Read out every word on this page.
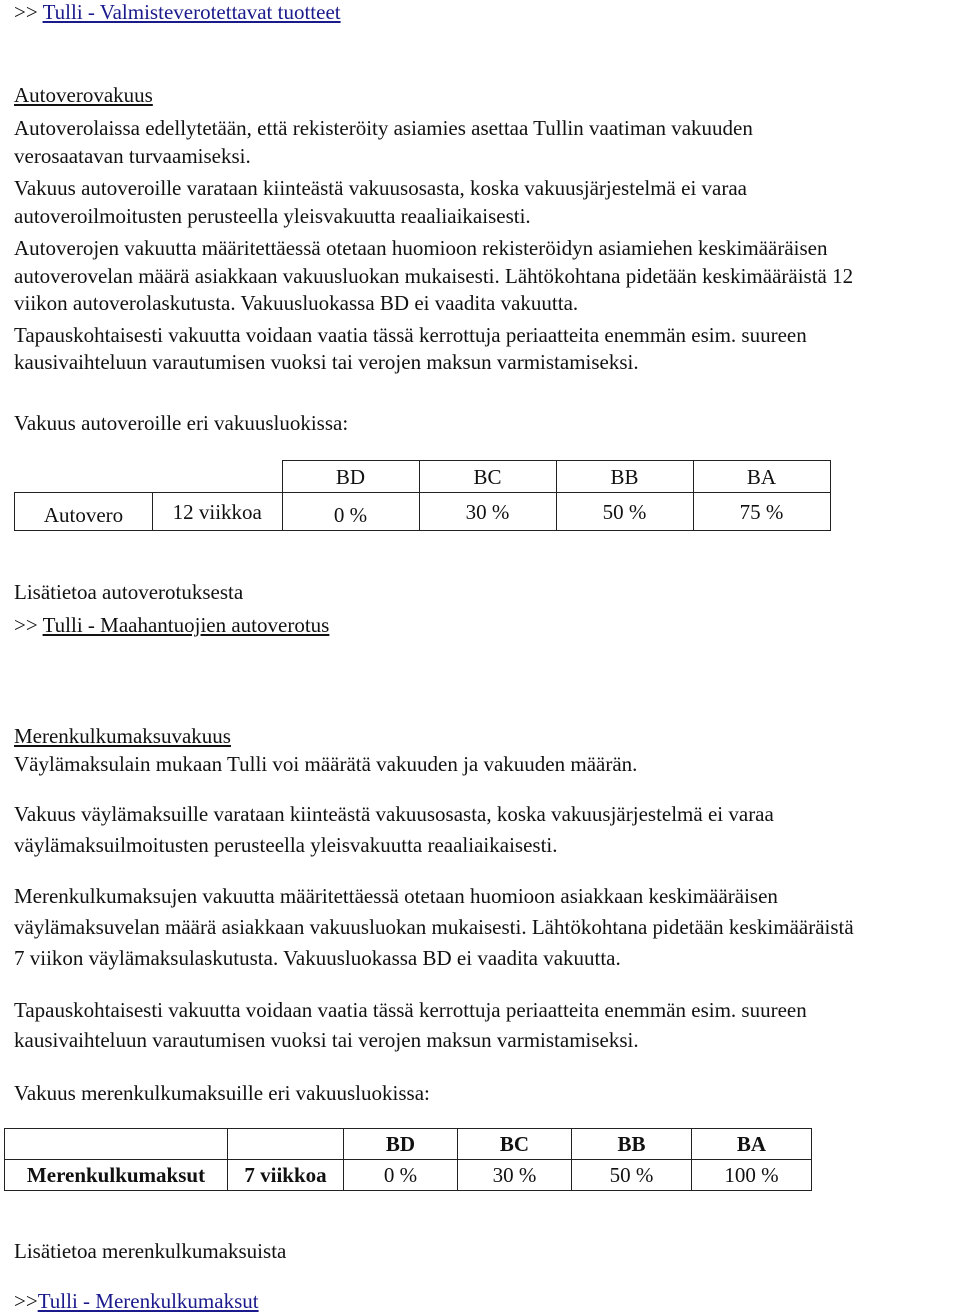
>> Tulli - Valmisteverotettavat tuotteet
Autoverovakuus
Autoverolaissa edellytetään, että rekisteröity asiamies asettaa Tullin vaatiman vakuuden
verosaatavan turvaamiseksi.
Vakuus autoveroille varataan kiinteästä vakuusosasta, koska vakuusjärjestelmä ei varaa
autoveroilmoitusten perusteella yleisvakuutta reaaliaikaisesti.
Autoverojen vakuutta määritettäessä otetaan huomioon rekisteröidyn asiamiehen keskimääräisen
autoverovelan määrä asiakkaan vakuusluokan mukaisesti. Lähtökohtana pidetään keskimääräistä 12
viikon autoverolaskutusta. Vakuusluokassa BD ei vaadita vakuutta.
Tapauskohtaisesti vakuutta voidaan vaatia tässä kerrottuja periaatteita enemmän esim. suureen
kausivaihteluun varautumisen vuoksi tai verojen maksun varmistamiseksi.
Vakuus autoveroille eri vakuusluokissa:
		BD	BC	BB	BA
Autovero	12 viikkoa	0 %	30 %	50 %	75 %
Lisätietoa autoverotuksesta
>> Tulli - Maahantuojien autoverotus
Merenkulkumaksuvakuus
Väylämaksulain mukaan Tulli voi määrätä vakuuden ja vakuuden määrän.
Vakuus väylämaksuille varataan kiinteästä vakuusosasta, koska vakuusjärjestelmä ei varaa
väylämaksuilmoitusten perusteella yleisvakuutta reaaliaikaisesti.
Merenkulkumaksujen vakuutta määritettäessä otetaan huomioon asiakkaan keskimääräisen
väylämaksuvelan määrä asiakkaan vakuusluokan mukaisesti. Lähtökohtana pidetään keskimääräistä
7 viikon väylämaksulaskutusta. Vakuusluokassa BD ei vaadita vakuutta.
Tapauskohtaisesti vakuutta voidaan vaatia tässä kerrottuja periaatteita enemmän esim. suureen
kausivaihteluun varautumisen vuoksi tai verojen maksun varmistamiseksi.
Vakuus merenkulkumaksuille eri vakuusluokissa:
		BD	BC	BB	BA
Merenkulkumaksut	7 viikkoa	0 %	30 %	50 %	100 %
Lisätietoa merenkulkumaksuista
>>Tulli - Merenkulkumaksut
